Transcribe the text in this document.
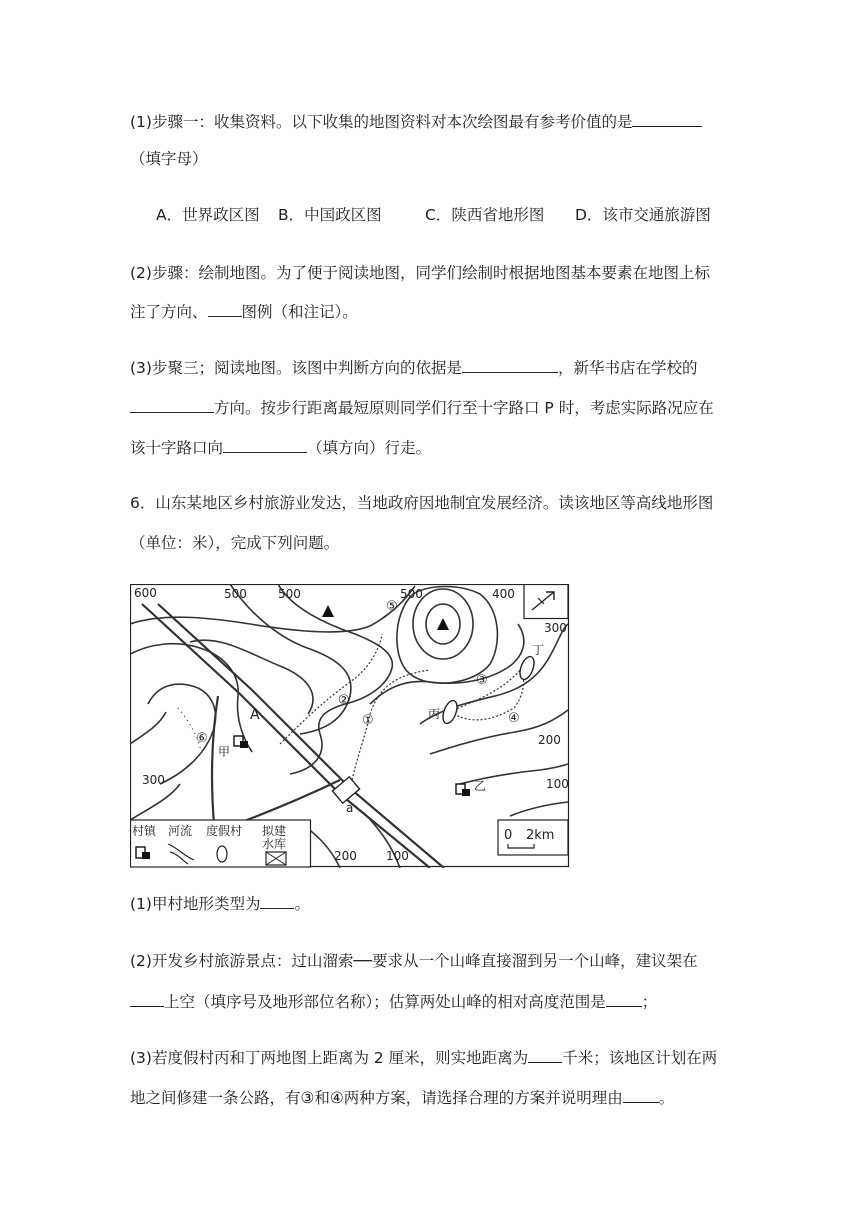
(1)步骤一：收集资料。以下收集的地图资料对本次绘图最有参考价值的是
（填字母）
A．世界政区图 B．中国政区图	C．陕西省地形图 D．该市交通旅游图
(2)步骤：绘制地图。为了便于阅读地图，同学们绘制时根据地图基本要素在地图上标
注了方向、 图例（和注记）。
(3)步聚三；阅读地图。该图中判断方向的依据是	，新华书店在学校的
方向。按步行距离最短原则同学们行至十字路口 P 时，考虑实际路况应在
该十字路口向	（填方向）行走。
6．山东某地区乡村旅游业发达，当地政府因地制宜发展经济。读该地区等高线地形图
（单位：米），完成下列问题。
600	500	500	500	400
300
200
100
300
200 100
A
甲
乙
丙
丁
a
①
②
③
④
⑤
⑥
村镇 河流 度假村 拟建
水库
0 2km
(1)甲村地形类型为 。
(2)开发乡村旅游景点：过山溜索──要求从一个山峰直接溜到另一个山峰，建议架在
上空（填序号及地形部位名称）；估算两处山峰的相对高度范围是 ；
(3)若度假村丙和丁两地图上距离为 2 厘米，则实地距离为 千米；该地区计划在两
地之间修建一条公路，有③和④两种方案，请选择合理的方案并说明理由 。
